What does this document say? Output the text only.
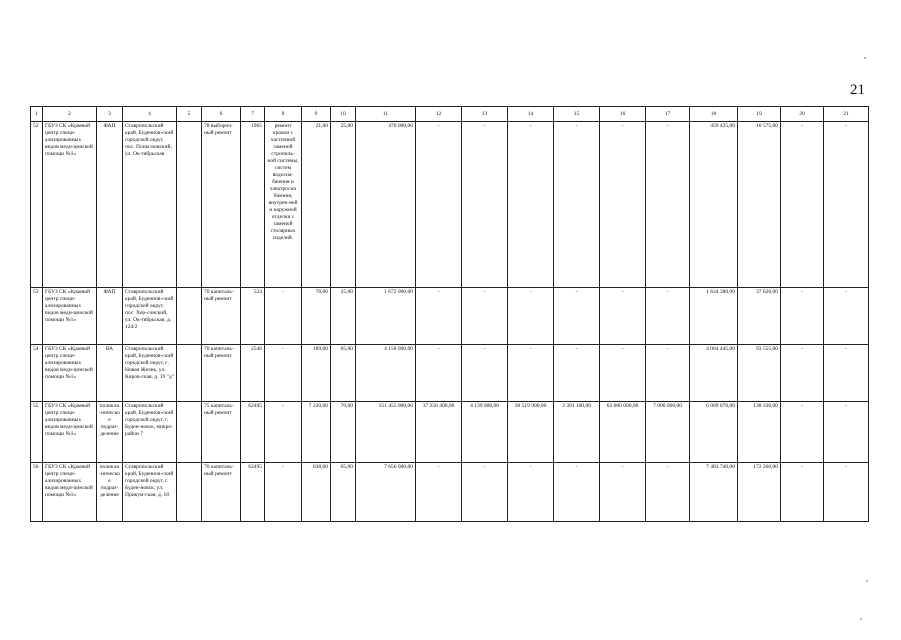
21
1	2	3	4	5	6	7	8	9	10	11	12	13	14	15	16	17	18	19	20	21
52	ГБУЗ СК «Краевой центр специ-ализированных видов меди-цинской помощи №1»	ФАП	Ставропольский край, Буденнов-ский городской округ, пос. Попы-новский, ул. Ок-тябрьская		78 выбороч-ный ремонт	1965	ремонт кровли с частичной заменой стропиль-ной системы, систем водосна-бжения и электросна бжения, внутрен-ней и наружной отделки с заменой столярных изделий.	21,00	25,00	470 000,00	-	-	-	-	-	-	459 425,00	10 575,00	-	-
53	ГБУЗ СК «Краевой центр специ-ализированных видов меди-цинской помощи №1»	ФАП	Ставропольский край, Буденнов-ский городской округ, пос. Хер-сонский, ул. Ок-тябрьская, д. 124/2		70 капиталь-ный ремонт	524	-	76,00	25,00	1 672 000,00	-	-	-	-	-	-	1 634 380,00	37 620,00	-	-
54	ГБУЗ СК «Краевой центр специ-ализированных видов меди-цинской помощи №1»	ВА	Ставропольский край, Буденнов-ский городской округ, с. Новая Жизнь, ул. Киров-ская, д. 19 "д"		70 капиталь-ный ремонт	2546	-	189,00	65,00	4 158 000,00	-	-	-	-	-	-	4 064 445,00	93 555,00	-	-
55	ГБУЗ СК «Краевой центр специ-ализированных видов меди-цинской помощи №1»	поликли-ническое подраз-деление	Ставропольский край, Буденнов-ский городской округ, г. Буден-новск, микро-район 7		75 капиталь-ный ремонт	62495	-	7 320,00	70,00	151 455 000,00	37 256 400,00	4 139 600,00	30 519 900,00	3 391 100,00	63 000 000,00	7 000 000,00	6 009 670,00	138 330,00	-	-
56	ГБУЗ СК «Краевой центр специ-ализированных видов меди-цинской помощи №1»	поликли-ническое подраз-деление	Ставропольский край, Буденнов-ский городской округ, г. Буден-новск, ул. Прикум-ская, д. 18		70 капиталь-ный ремонт	62495	-	638,00	65,00	7 656 000,00	-	-	-	-	-	-	7 483 740,00	172 260,00	-	-
